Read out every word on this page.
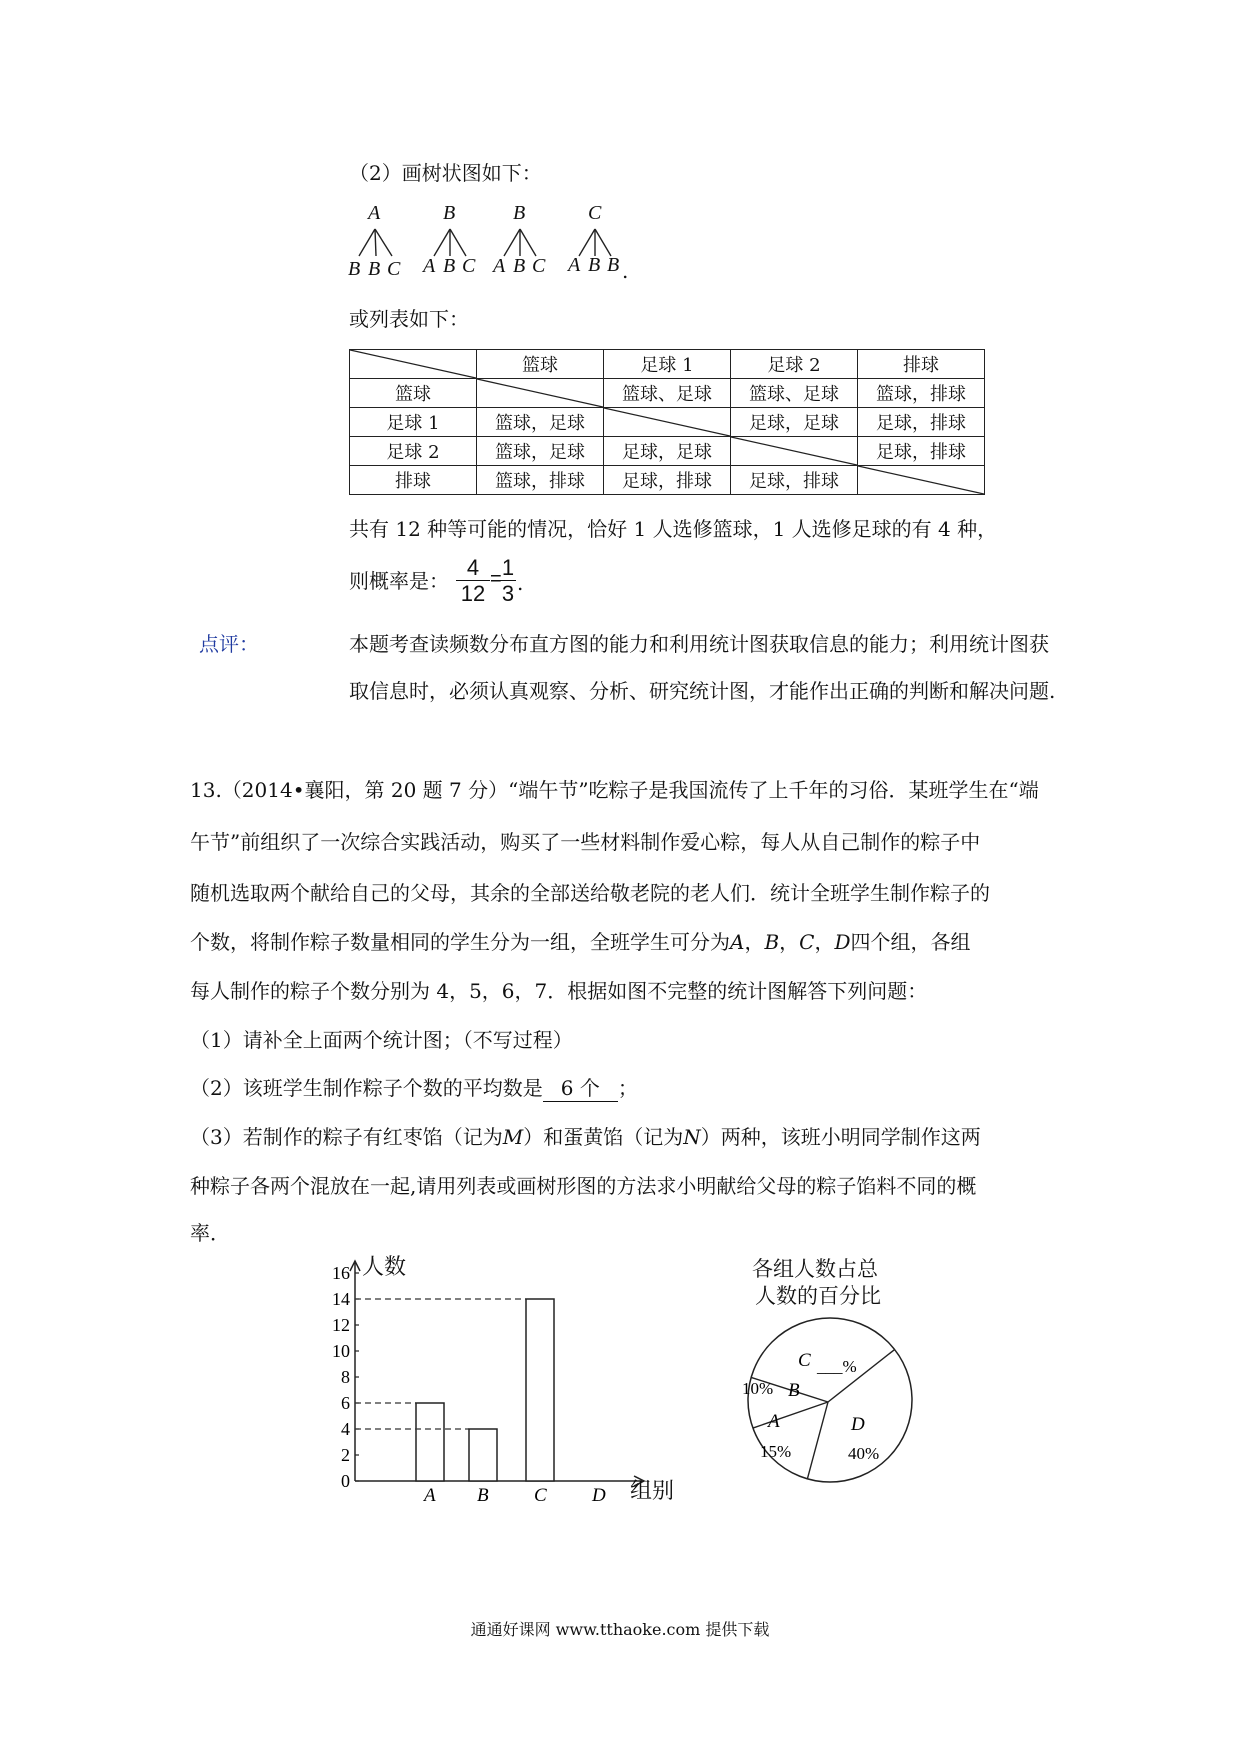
（2）画树状图如下：
A
B B C
B
A B C
B
A B C
C
A B B .
或列表如下：
	篮球	足球 1	足球 2	排球
篮球		篮球、足球	篮球、足球	篮球，排球
足球 1	篮球，足球		足球，足球	足球，排球
足球 2	篮球，足球	足球，足球		足球，排球
排球	篮球，排球	足球，排球	足球，排球	
共有 12 种等可能的情况，恰好 1 人选修篮球，1 人选修足球的有 4 种，
则概率是：
4
12
= 1
3 .
点评：	本题考查读频数分布直方图的能力和利用统计图获取信息的能力；利用统计图获
取信息时，必须认真观察、分析、研究统计图，才能作出正确的判断和解决问题.
13.（2014•襄阳，第 20 题 7 分）“端午节”吃粽子是我国流传了上千年的习俗．某班学生在“端
午节”前组织了一次综合实践活动，购买了一些材料制作爱心粽，每人从自己制作的粽子中
随机选取两个献给自己的父母，其余的全部送给敬老院的老人们．统计全班学生制作粽子的
个数，将制作粽子数量相同的学生分为一组，全班学生可分为A，B，C，D四个组，各组
每人制作的粽子个数分别为 4，5，6，7．根据如图不完整的统计图解答下列问题：
（1）请补全上面两个统计图；（不写过程）
（2）该班学生制作粽子个数的平均数是 6 个 ；
（3）若制作的粽子有红枣馅（记为M）和蛋黄馅（记为N）两种，该班小明同学制作这两
种粽子各两个混放在一起,请用列表或画树形图的方法求小明献给父母的粽子馅料不同的概
率．
0
2
4
6
8
10
12
14
16
A B C D
人数
组别
各组人数占总
人数的百分比
A
15%
B
10%
C ___%
D
40%
通通好课网 www.tthaoke.com 提供下载
